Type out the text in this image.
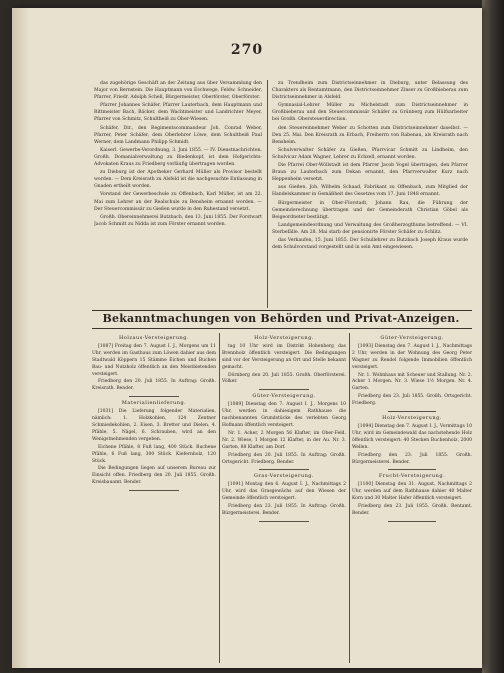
270

das zugehörige Geschäft an der Zeitung aus über Versammlung den Major von Bernstein. Die Hauptmann von Eschwege, Feldw. Schneider, Pfarrer, Friedr. Adolph Schell, Bürgermeister, Oberförster, Oberförster.

Pfarrer Johannes Schäfer, Pfarrer Lauterbach, dem Hauptmann und Rittmeister Bach, Bäcker, dem Wachtmeister und Landrichter Meyer, Pfarrer von Schmitz, Schultheiß zu Ober-Wiesen.

Schäfer, Dir., den Regimentscommandeur Joh. Conrad Weber, Pfarrer, Peter Schäfer, dem Oberlehrer Löwe, dem Schultheiß Paul Werner, dem Landmann Philipp Schmidt.

Kaiserl. Gewerbe-Verordnung, 3. Juni 1855. — IV. Dienstnachrichten. Großh. Domanialverwaltung zu Biedenkopf, ist dem Hofgerichts-Advokaten Kraus zu Friedberg vorläufig übertragen worden.

zu Dieburg ist der Apotheker Gerhard Müller als Provisor bestellt worden. — Dem Kreisrath zu Alsfeld ist die nachgesuchte Entlassung in Gnaden ertheilt worden.

Vorstand der Gewerbeschule zu Offenbach, Karl Müller, ist am 22. Mai zum Lehrer an der Realschule zu Bensheim ernannt worden. — Der Steuercommissär zu Gießen wurde in den Ruhestand versetzt.

Großh. Obereinnehmerei Butzbach, den 13. Juni 1855. Der Forstwart Jacob Schmitt zu Nidda ist zum Förster ernannt worden.

zu Trendheim zum Districtseinnehmer in Dieburg, unter Belassung des Charakters als Rentamtmann, den Districtseinnehmer Zinser zu Großbieberau zum Districtseinnehmer in Alsfeld.

Gymnasial-Lehrer Müller zu Michelstadt zum Districtseinnehmer in Großbieberau und den Steuercommissär Schäfer zu Grünberg zum Hülfsarbeiter bei Großh. Obersteuerdirection.

den Steuereinnehmer Weber zu Schotten zum Districtseinnehmer daselbst. — Den 25. Mai. Den Kreisrath zu Erbach, Freiherrn von Rabenau, als Kreisrath nach Bensheim.

Schulverwalter Schäfer zu Gießen, Pfarrvicar Schmitt zu Lindheim, den Schulvicar Adam Wagner, Lehrer zu Echzell, ernannt worden.

Die Pfarrei Ober-Wöllstadt ist dem Pfarrer Jacob Vogel übertragen, den Pfarrer Braun zu Lauterbach zum Dekan ernannt, den Pfarrverwalter Kurz nach Heppenheim versetzt.

aus Gießen, Joh. Wilhelm Schaad, Fabrikant zu Offenbach, zum Mitglied der Handelskammer in Gemäßheit des Gesetzes vom 17. Juni 1848 ernannt.

Bürgermeister in Ober-Florstadt, Johann Rau, die Führung der Gemeinderechnung übertragen und der Gemeinderath Christian Göbel als Beigeordneter bestätigt.

Landgemeindeordnung und Verwaltung des Großherzogthums betreffend. — VI. Sterbefälle. Am 28. Mai starb der pensionirte Förster Schäfer zu Schlitz.

das Verkaufen, 15. Juni 1855. Der Schullehrer zu Butzbach Joseph Kraus wurde dem Schulvorstand vorgestellt und in sein Amt eingewiesen.

Bekanntmachungen von Behörden und Privat-Anzeigen.
Holzaus-Versteigerung.

[1087] Freitag den 7. August I. J., Morgens um 11 Uhr, werden im Gasthaus zum Löwen dahier aus dem Stadtwald Köppern 15 Stämme Eichen und Buchen Bau- und Nutzholz öffentlich an den Meistbietenden versteigert.

Friedberg den 20. Juli 1855. In Auftrag: Großh. Kreisrath. Bender.

Materialienlieferung.

[1031] Die Lieferung folgender Materialien, nämlich: 1. Holzkohlen, 124 Zentner Schmiedekohlen, 2. Eisen, 3. Bretter und Dielen, 4. Pfähle, 5. Nägel, 6. Schrauben, wird an den Wenigstnehmenden vergeben.

Eichene Pfähle, 8 Fuß lang, 400 Stück. Buchene Pfähle, 6 Fuß lang, 300 Stück. Kiefernholz, 120 Stück.

Die Bedingungen liegen auf unserem Bureau zur Einsicht offen. Friedberg den 20. Juli 1855. Großh. Kreisbauamt. Bender.

Holz-Versteigerung.

tag 10 Uhr wird im Distrikt Hohenberg das Brennholz öffentlich versteigert. Die Bedingungen sind vor der Versteigerung an Ort und Stelle bekannt gemacht.

Dörnberg den 20. Juli 1855. Großh. Oberförsterei. Völker.

Güter-Versteigerung.

[1089] Dienstag den 7. August I. J., Morgens 10 Uhr, werden in dahiesigem Rathhause die nachbenannten Grundstücke des verlebten Georg Hofmann öffentlich versteigert.

Nr. 1. Acker, 2 Morgen 56 Klafter, im Ober-Feld. Nr. 2. Wiese, 1 Morgen 12 Klafter, in der Au. Nr. 3. Garten, 88 Klafter, am Dorf.

Friedberg den 20. Juli 1855. In Auftrag: Großh. Ortsgericht. Friedberg. Bender.

Gras-Versteigerung.

[1091] Montag den 6. August I. J., Nachmittags 2 Uhr, wird das Grasgewächs auf den Wiesen der Gemeinde öffentlich versteigert.

Friedberg den 23. Juli 1855. In Auftrag: Großh. Bürgermeisterei. Bender.

Güter-Versteigerung.

[1093] Dienstag den 7. August I. J., Nachmittags 2 Uhr, werden in der Wohnung des Georg Peter Wagner zu Rendel folgende Immobilien öffentlich versteigert.

Nr. 1. Wohnhaus mit Scheuer und Stallung. Nr. 2. Acker 1 Morgen. Nr. 3. Wiese 1½ Morgen. Nr. 4. Garten.

Friedberg den 23. Juli 1855. Großh. Ortsgericht. Friedberg.

Holz-Versteigerung.

[1094] Dienstag den 7. August I. J., Vormittags 10 Uhr, wird im Gemeindewald das nachstehende Holz öffentlich versteigert: 40 Stecken Buchenholz, 2000 Wellen.

Friedberg den 23. Juli 1855. Großh. Bürgermeisterei. Bender.

Frucht-Versteigerung.

[1100] Dienstag den 31. August, Nachmittags 2 Uhr, werden auf dem Rathhause dahier 40 Malter Korn und 30 Malter Hafer öffentlich versteigert.

Friedberg den 23. Juli 1855. Großh. Rentamt. Bender.
